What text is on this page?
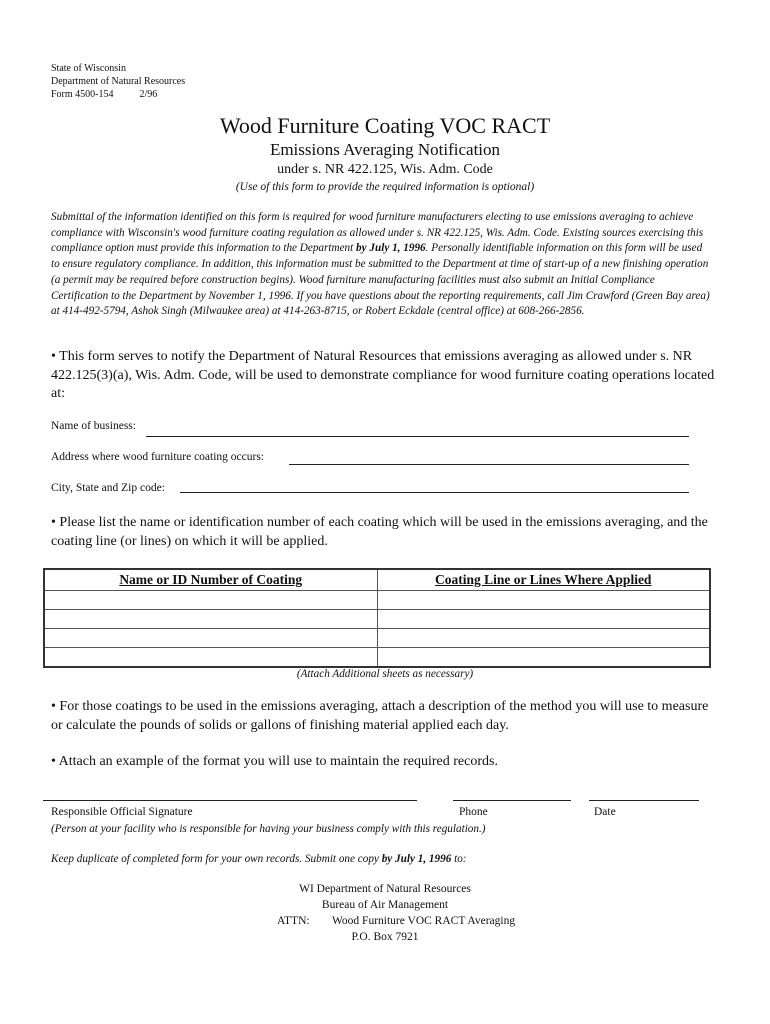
State of Wisconsin
Department of Natural Resources
Form 4500-154	2/96
Wood Furniture Coating VOC RACT
Emissions Averaging Notification
under s. NR 422.125, Wis. Adm. Code
(Use of this form to provide the required information is optional)
Submittal of the information identified on this form is required for wood furniture manufacturers electing to use emissions averaging to achieve compliance with Wisconsin's wood furniture coating regulation as allowed under s. NR 422.125, Wis. Adm. Code. Existing sources exercising this compliance option must provide this information to the Department by July 1, 1996. Personally identifiable information on this form will be used to ensure regulatory compliance. In addition, this information must be submitted to the Department at time of start-up of a new finishing operation (a permit may be required before construction begins). Wood furniture manufacturing facilities must also submit an Initial Compliance Certification to the Department by November 1, 1996. If you have questions about the reporting requirements, call Jim Crawford (Green Bay area) at 414-492-5794, Ashok Singh (Milwaukee area) at 414-263-8715, or Robert Eckdale (central office) at 608-266-2856.
• This form serves to notify the Department of Natural Resources that emissions averaging as allowed under s. NR 422.125(3)(a), Wis. Adm. Code, will be used to demonstrate compliance for wood furniture coating operations located at:
Name of business:
Address where wood furniture coating occurs:
City, State and Zip code:
• Please list the name or identification number of each coating which will be used in the emissions averaging, and the coating line (or lines) on which it will be applied.
Name or ID Number of Coating	Coating Line or Lines Where Applied

(Attach Additional sheets as necessary)
• For those coatings to be used in the emissions averaging, attach a description of the method you will use to measure or calculate the pounds of solids or gallons of finishing material applied each day.
• Attach an example of the format you will use to maintain the required records.
Responsible Official Signature	Phone	Date
(Person at your facility who is responsible for having your business comply with this regulation.)
Keep duplicate of completed form for your own records. Submit one copy by July 1, 1996 to:
WI Department of Natural Resources
Bureau of Air Management
ATTN: Wood Furniture VOC RACT Averaging
P.O. Box 7921
